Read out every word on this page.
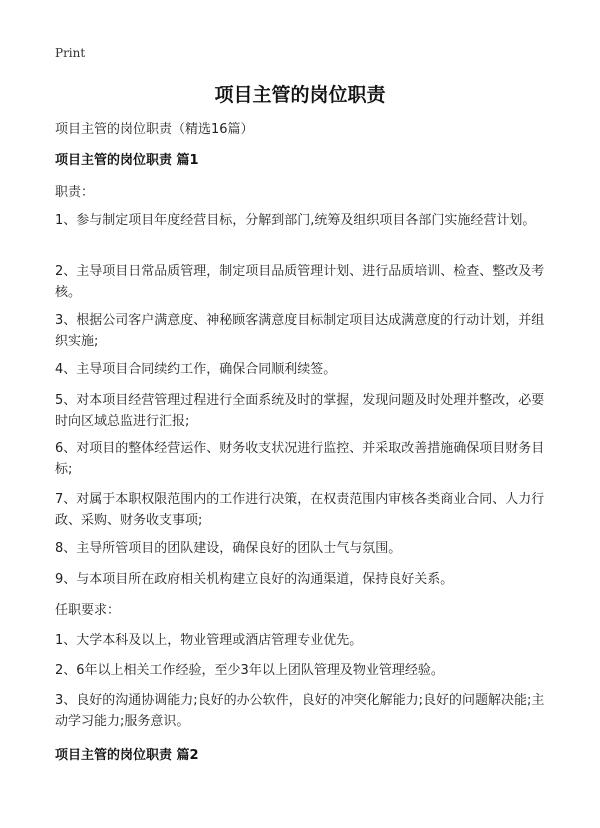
Print
项目主管的岗位职责
项目主管的岗位职责（精选16篇）
项目主管的岗位职责 篇1
职责：
1、参与制定项目年度经营目标，分解到部门,统筹及组织项目各部门实施经营计划。
2、主导项目日常品质管理，制定项目品质管理计划、进行品质培训、检查、整改及考核。
3、根据公司客户满意度、神秘顾客满意度目标制定项目达成满意度的行动计划，并组织实施;
4、主导项目合同续约工作，确保合同顺利续签。
5、对本项目经营管理过程进行全面系统及时的掌握，发现问题及时处理并整改，必要时向区域总监进行汇报;
6、对项目的整体经营运作、财务收支状况进行监控、并采取改善措施确保项目财务目标;
7、对属于本职权限范围内的工作进行决策，在权责范围内审核各类商业合同、人力行政、采购、财务收支事项;
8、主导所管项目的团队建设，确保良好的团队士气与氛围。
9、与本项目所在政府相关机构建立良好的沟通渠道，保持良好关系。
任职要求：
1、大学本科及以上，物业管理或酒店管理专业优先。
2、6年以上相关工作经验，至少3年以上团队管理及物业管理经验。
3、良好的沟通协调能力;良好的办公软件，良好的冲突化解能力;良好的问题解决能;主动学习能力;服务意识。
项目主管的岗位职责 篇2
